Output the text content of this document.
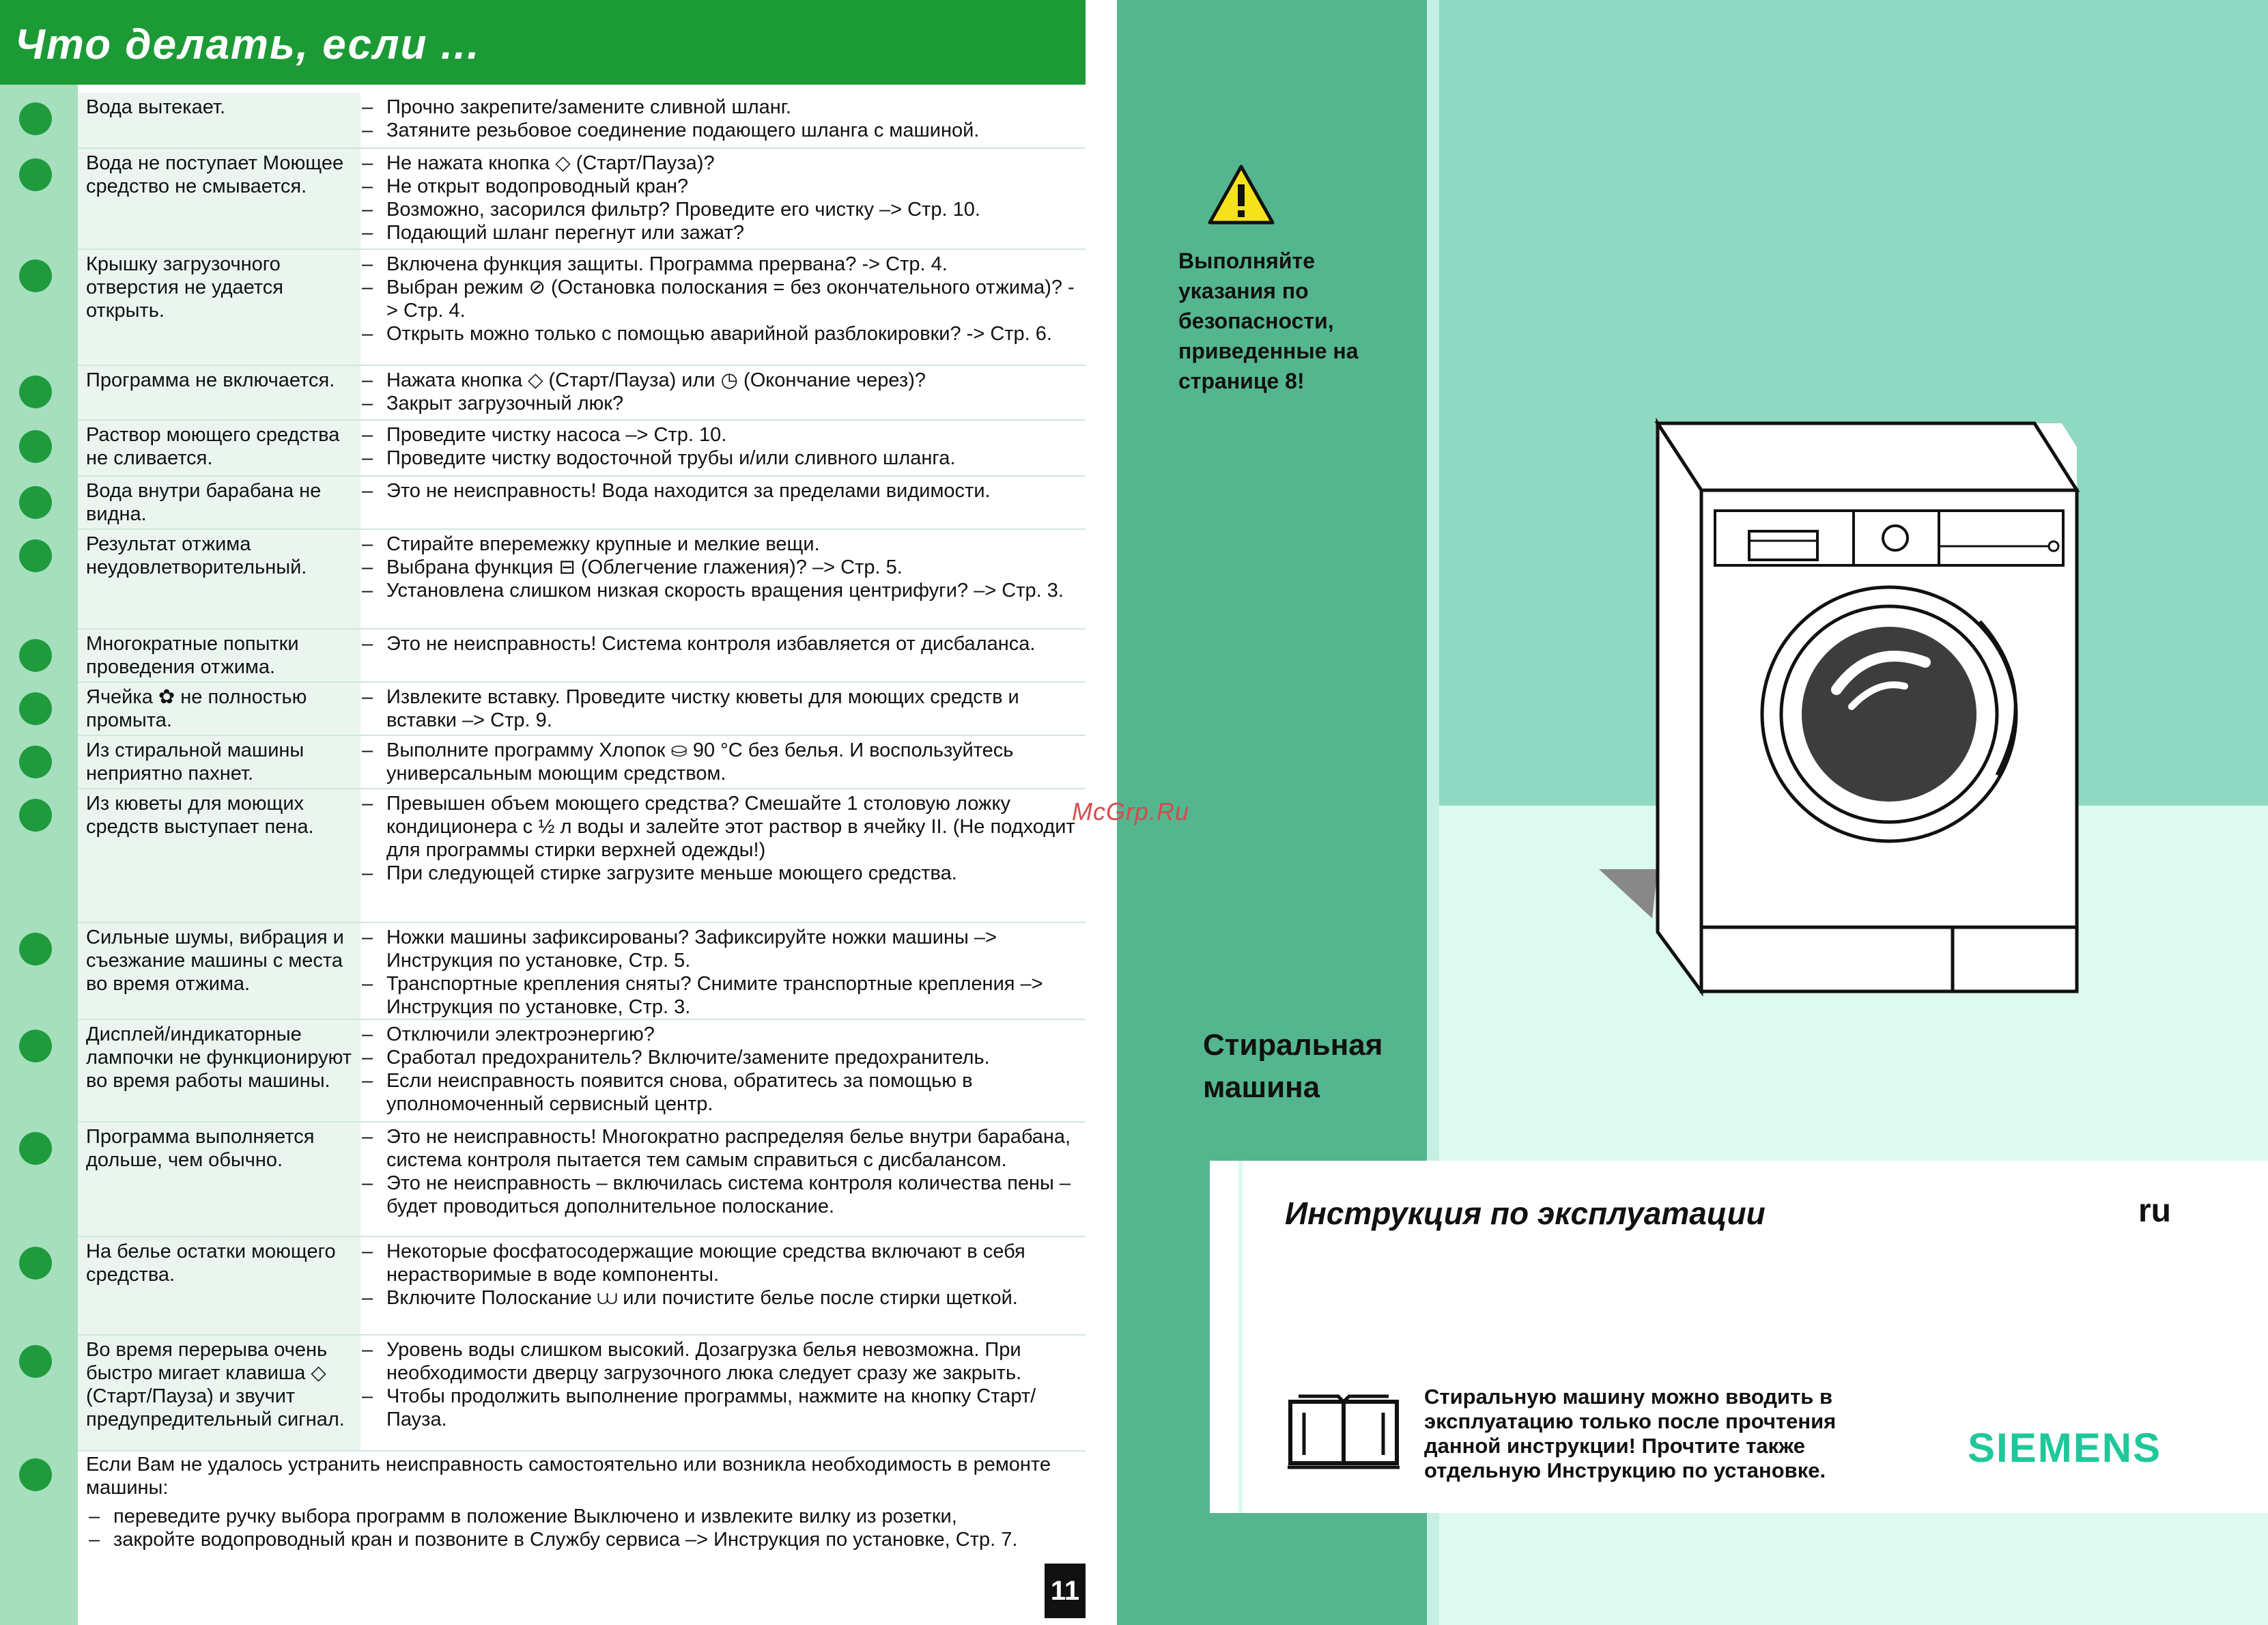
Что делать, если ...
Вода вытекает.	– Прочно закрепите/замените сливной шланг.
– Затяните резьбовое соединение подающего шланга с машиной.
Вода не поступает Моющее средство не смывается.
– Не нажата кнопка ◇ (Старт/Пауза)?
– Не открыт водопроводный кран?
– Возможно, засорился фильтр? Проведите его чистку –> Стр. 10.
– Подающий шланг перегнут или зажат?
Крышку загрузочного отверстия не удается открыть.
– Включена функция защиты. Программа прервана? -> Стр. 4.
– Выбран режим ⊘ (Остановка полоскания = без окончательного отжима)? -> Стр. 4.
– Открыть можно только с помощью аварийной разблокировки? -> Стр. 6.
Программа не включается.	– Нажата кнопка ◇ (Старт/Пауза) или ◷ (Окончание через)?
– Закрыт загрузочный люк?
Раствор моющего средства не сливается.
– Проведите чистку насоса –> Стр. 10.
– Проведите чистку водосточной трубы и/или сливного шланга.
Вода внутри барабана не видна.
– Это не неисправность! Вода находится за пределами видимости.
Результат отжима неудовлетворительный.
– Стирайте вперемежку крупные и мелкие вещи.
– Выбрана функция ⊟ (Облегчение глажения)? –> Стр. 5.
– Установлена слишком низкая скорость вращения центрифуги? –> Стр. 3.
Многократные попытки проведения отжима.
– Это не неисправность! Система контроля избавляется от дисбаланса.
Ячейка ✿ не полностью промыта.
– Извлеките вставку. Проведите чистку кюветы для моющих средств и вставки –> Стр. 9.
Из стиральной машины неприятно пахнет.
– Выполните программу Хлопок ⛀ 90 °C без белья. И воспользуйтесь универсальным моющим средством.
Из кюветы для моющих средств выступает пена.
– Превышен объем моющего средства? Смешайте 1 столовую ложку кондиционера с ½ л воды и залейте этот раствор в ячейку II. (Не подходит для программы стирки верхней одежды!)
– При следующей стирке загрузите меньше моющего средства.
Сильные шумы, вибрация и съезжание машины с места во время отжима.
– Ножки машины зафиксированы? Зафиксируйте ножки машины –> Инструкция по установке, Стр. 5.
– Транспортные крепления сняты? Снимите транспортные крепления –> Инструкция по установке, Стр. 3.
Дисплей/индикаторные лампочки не функционируют во время работы машины.
– Отключили электроэнергию?
– Сработал предохранитель? Включите/замените предохранитель.
– Если неисправность появится снова, обратитесь за помощью в уполномоченный сервисный центр.
Программа выполняется дольше, чем обычно.
– Это не неисправность! Многократно распределяя белье внутри барабана, система контроля пытается тем самым справиться с дисбалансом.
– Это не неисправность – включилась система контроля количества пены – будет проводиться дополнительное полоскание.
На белье остатки моющего средства.
– Некоторые фосфатосодержащие моющие средства включают в себя нерастворимые в воде компоненты.
– Включите Полоскание ⩊ или почистите белье после стирки щеткой.
Во время перерыва очень быстро мигает клавиша ◇ (Старт/Пауза) и звучит предупредительный сигнал.
– Уровень воды слишком высокий. Дозагрузка белья невозможна. При необходимости дверцу загрузочного люка следует сразу же закрыть.
– Чтобы продолжить выполнение программы, нажмите на кнопку Старт/Пауза.
Если Вам не удалось устранить неисправность самостоятельно или возникла необходимость в ремонте машины:
– переведите ручку выбора программ в положение Выключено и извлеките вилку из розетки,
– закройте водопроводный кран и позвоните в Службу сервиса –> Инструкция по установке, Стр. 7.
11
Выполняйте указания по безопасности, приведенные на странице 8!
Стиральная
машина
Инструкция по эксплуатации	ru
Стиральную машину можно вводить в эксплуатацию только после прочтения данной инструкции! Прочтите также отдельную Инструкцию по установке.	SIEMENS
McGrp.Ru
